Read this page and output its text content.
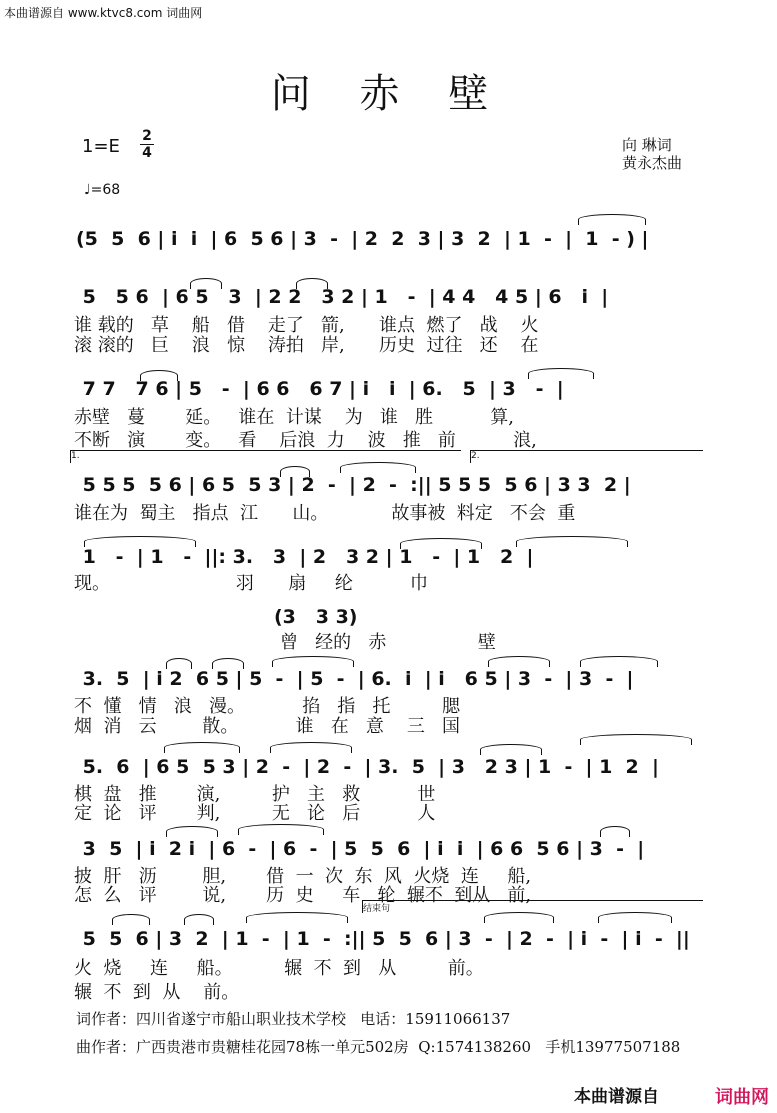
本曲谱源自 www.ktvc8.com 词曲网
问 赤 壁
$1=E \frac{2}{4}$	向 琳词
黄永杰曲
♩=68
(5  5  6 | i  i  | 6  5 6 | 3  -  | 2  2  3 | 3  2  | 1  -  |  1  - ) |
5   5 6  | 6 5   3  | 2 2   3 2 | 1   -  | 4 4   4 5 | 6   i  |
谁 载的   草    船   借    走了   箭,      谁点  燃了   战    火
滚 滚的   巨    浪   惊    涛拍   岸,      历史  过往   还    在
7 7   7 6 | 5   -  | 6 6   6 7 | i   i  | 6.   5  | 3   -  |
赤壁   蔓       延。   谁在  计谋    为   谁   胜          算,
不断   演       变。   看    后浪  力    波   推   前          浪,
1.	2.
5 5 5  5 6 | 6 5  5 3 | 2  -  | 2  -  :|| 5 5 5  5 6 | 3 3  2 |
谁在为  蜀主   指点  江      山。           故事被  料定   不会  重
1   -  | 1   -  ||: 3.   3  | 2   3 2 | 1   -  | 1   2  |
现。                      羽      扇     纶          巾
(3   3 3)
曾   经的   赤                壁
3.  5  | i 2  6 5 | 5  -  | 5  -  | 6.  i  | i   6 5 | 3  -  | 3  -  |
不  懂   情   浪   漫。          掐   指   托         腮
烟  消   云        散。          谁   在   意    三   国
5.  6  | 6 5  5 3 | 2  -  | 2  -  | 3.  5  | 3   2 3 | 1  -  | 1  2  |
棋  盘   推       演,         护   主   救          世
定  论   评       判,         无   论   后          人
3  5  | i  2 i  | 6  -  | 6  -  | 5  5  6  | i  i  | 6 6  5 6 | 3  -  |
披  肝   沥        胆,       借  一  次  东  风  火烧  连     船,
怎  么   评        说,       历  史     车   轮  辗不  到从   前,
结束句
5  5  6 | 3  2  | 1  -  | 1  -  :|| 5  5  6 | 3  -  | 2  -  | i  -  | i  -  ||
火  烧     连     船。         辗  不  到   从         前。
辗  不  到  从    前。
词作者：四川省遂宁市船山职业技术学校   电话：15911066137
曲作者：广西贵港市贵糖桂花园78栋一单元502房  Q:1574138260   手机13977507188
本曲谱源自	词曲网
